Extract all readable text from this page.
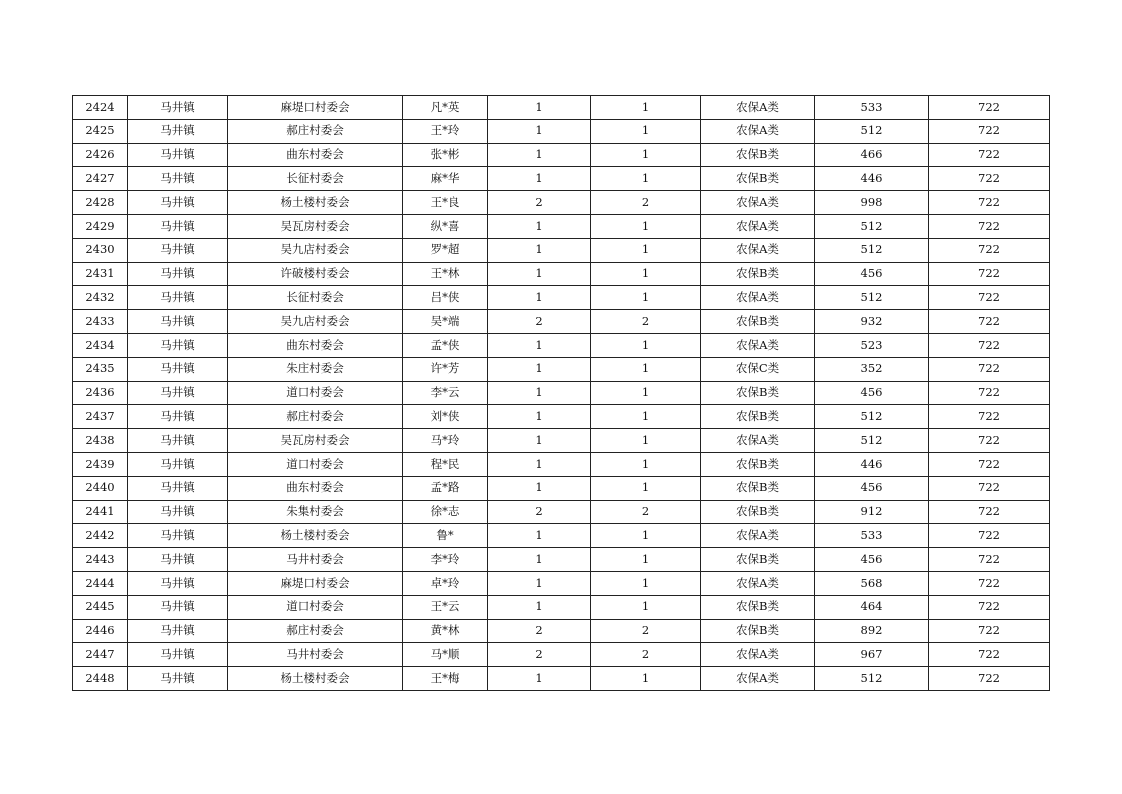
2424	马井镇	麻堤口村委会	凡*英	1	1	农保A类	533	722
2425	马井镇	郝庄村委会	王*玲	1	1	农保A类	512	722
2426	马井镇	曲东村委会	张*彬	1	1	农保B类	466	722
2427	马井镇	长征村委会	麻*华	1	1	农保B类	446	722
2428	马井镇	杨土楼村委会	王*良	2	2	农保A类	998	722
2429	马井镇	吴瓦房村委会	纵*喜	1	1	农保A类	512	722
2430	马井镇	吴九店村委会	罗*超	1	1	农保A类	512	722
2431	马井镇	许破楼村委会	王*林	1	1	农保B类	456	722
2432	马井镇	长征村委会	吕*侠	1	1	农保A类	512	722
2433	马井镇	吴九店村委会	吴*端	2	2	农保B类	932	722
2434	马井镇	曲东村委会	孟*侠	1	1	农保A类	523	722
2435	马井镇	朱庄村委会	许*芳	1	1	农保C类	352	722
2436	马井镇	道口村委会	李*云	1	1	农保B类	456	722
2437	马井镇	郝庄村委会	刘*侠	1	1	农保B类	512	722
2438	马井镇	吴瓦房村委会	马*玲	1	1	农保A类	512	722
2439	马井镇	道口村委会	程*民	1	1	农保B类	446	722
2440	马井镇	曲东村委会	孟*路	1	1	农保B类	456	722
2441	马井镇	朱集村委会	徐*志	2	2	农保B类	912	722
2442	马井镇	杨土楼村委会	鲁*	1	1	农保A类	533	722
2443	马井镇	马井村委会	李*玲	1	1	农保B类	456	722
2444	马井镇	麻堤口村委会	卓*玲	1	1	农保A类	568	722
2445	马井镇	道口村委会	王*云	1	1	农保B类	464	722
2446	马井镇	郝庄村委会	黄*林	2	2	农保B类	892	722
2447	马井镇	马井村委会	马*顺	2	2	农保A类	967	722
2448	马井镇	杨土楼村委会	王*梅	1	1	农保A类	512	722
